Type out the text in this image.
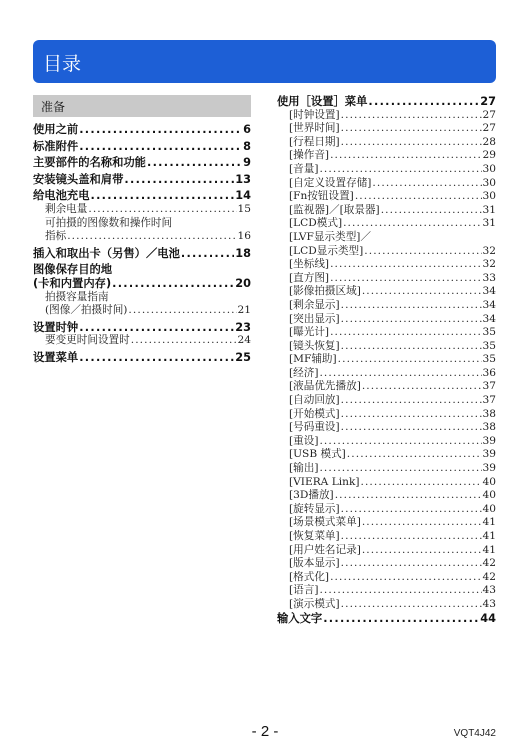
目录
准备
使用之前 .....	6
标准附件 .....	8
主要部件的名称和功能 .....	9
安装镜头盖和肩带 .....	13
给电池充电 .....	14
剩余电量 .....	15
可拍摄的图像数和操作时间
指标 .....	16
插入和取出卡（另售）／电池 .....	18
图像保存目的地
(卡和内置内存) .....	20
拍摄容量指南
(图像／拍摄时间) .....	21
设置时钟 .....	23
要变更时间设置时 .....	24
设置菜单 .....	25
使用［设置］菜单 .....	27
[时钟设置] .....	27
[世界时间] .....	27
[行程日期] .....	28
[操作音] .....	29
[音量] .....	30
[自定义设置存储] .....	30
[Fn按钮设置] .....	30
[监视器]／[取景器] .....	31
[LCD模式] .....	31
[LVF显示类型]／
[LCD显示类型] .....	32
[坐标线] .....	32
[直方图] .....	33
[影像拍摄区域] .....	34
[剩余显示] .....	34
[突出显示] .....	34
[曝光计] .....	35
[镜头恢复] .....	35
[MF辅助] .....	35
[经济] .....	36
[液晶优先播放] .....	37
[自动回放] .....	37
[开始模式] .....	38
[号码重设] .....	38
[重设] .....	39
[USB 模式] .....	39
[输出] .....	39
[VIERA Link] .....	40
[3D播放] .....	40
[旋转显示] .....	40
[场景模式菜单] .....	41
[恢复菜单] .....	41
[用户姓名记录] .....	41
[版本显示] .....	42
[格式化] .....	42
[语言] .....	43
[演示模式] .....	43
输入文字 .....	44
- 2 -	VQT4J42
